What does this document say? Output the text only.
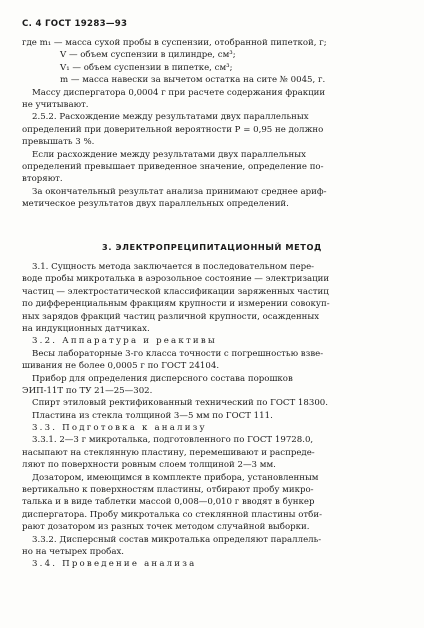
С. 4 ГОСТ 19283—93
где m₁ — масса сухой пробы в суспензии, отобранной пипеткой, г;
V — объем суспензии в цилиндре, см³;
V₁ — объем суспензии в пипетке, см³;
m — масса навески за вычетом остатка на сите № 0045, г.
Массу диспергатора 0,0004 г при расчете содержания фракции
не учитывают.
2.5.2. Расхождение между результатами двух параллельных
определений при доверительной вероятности P = 0,95 не должно
превышать 3 %.
Если расхождение между результатами двух параллельных
определений превышает приведенное значение, определение по-
вторяют.
За окончательный результат анализа принимают среднее ариф-
метическое результатов двух параллельных определений.
3. ЭЛЕКТРОПРЕЦИПИТАЦИОННЫЙ МЕТОД
3.1. Сущность метода заключается в последовательном пере-
воде пробы микроталька в аэрозольное состояние — электризации
частиц — электростатической классификации заряженных частиц
по дифференциальным фракциям крупности и измерении совокуп-
ных зарядов фракций частиц различной крупности, осажденных
на индукционных датчиках.
3.2. Аппаратура и реактивы
Весы лабораторные 3-го класса точности с погрешностью взве-
шивания не более 0,0005 г по ГОСТ 24104.
Прибор для определения дисперсного состава порошков
ЭИП-11Т по ТУ 21—25—302.
Спирт этиловый ректификованный технический по ГОСТ 18300.
Пластина из стекла толщиной 3—5 мм по ГОСТ 111.
3.3. Подготовка к анализу
3.3.1. 2—3 г микроталька, подготовленного по ГОСТ 19728.0,
насыпают на стеклянную пластину, перемешивают и распреде-
ляют по поверхности ровным слоем толщиной 2—3 мм.
Дозатором, имеющимся в комплекте прибора, установленным
вертикально к поверхностям пластины, отбирают пробу микро-
талька и в виде таблетки массой 0,008—0,010 г вводят в бункер
диспергатора. Пробу микроталька со стеклянной пластины отби-
рают дозатором из разных точек методом случайной выборки.
3.3.2. Дисперсный состав микроталька определяют параллель-
но на четырех пробах.
3.4. Проведение анализа
